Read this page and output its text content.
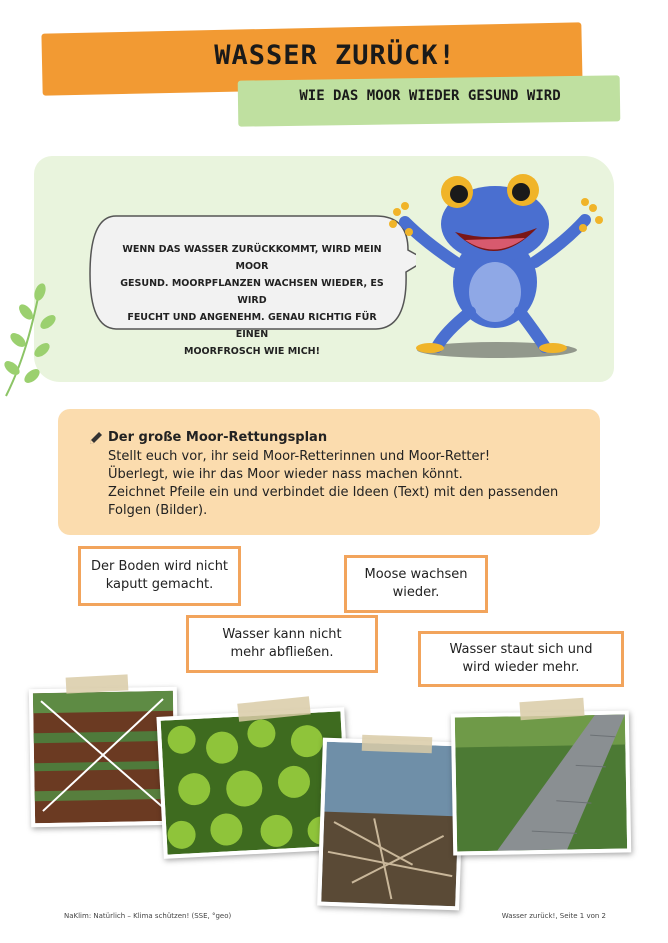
WASSER ZURÜCK!
WIE DAS MOOR WIEDER GESUND WIRD
WENN DAS WASSER ZURÜCKKOMMT, WIRD MEIN MOOR
GESUND. MOORPFLANZEN WACHSEN WIEDER, ES WIRD
FEUCHT UND ANGENEHM. GENAU RICHTIG FÜR EINEN
MOORFROSCH WIE MICH!
Der große Moor-Rettungsplan
Stellt euch vor, ihr seid Moor-Retterinnen und Moor-Retter!
Überlegt, wie ihr das Moor wieder nass machen könnt.
Zeichnet Pfeile ein und verbindet die Ideen (Text) mit den passenden
Folgen (Bilder).
Der Boden wird nicht
kaputt gemacht.
Moose wachsen
wieder.
Wasser kann nicht
mehr abfließen.	Wasser staut sich und
wird wieder mehr.
NaKlim: Natürlich – Klima schützen! (SSE, °geo)	Wasser zurück!, Seite 1 von 2
